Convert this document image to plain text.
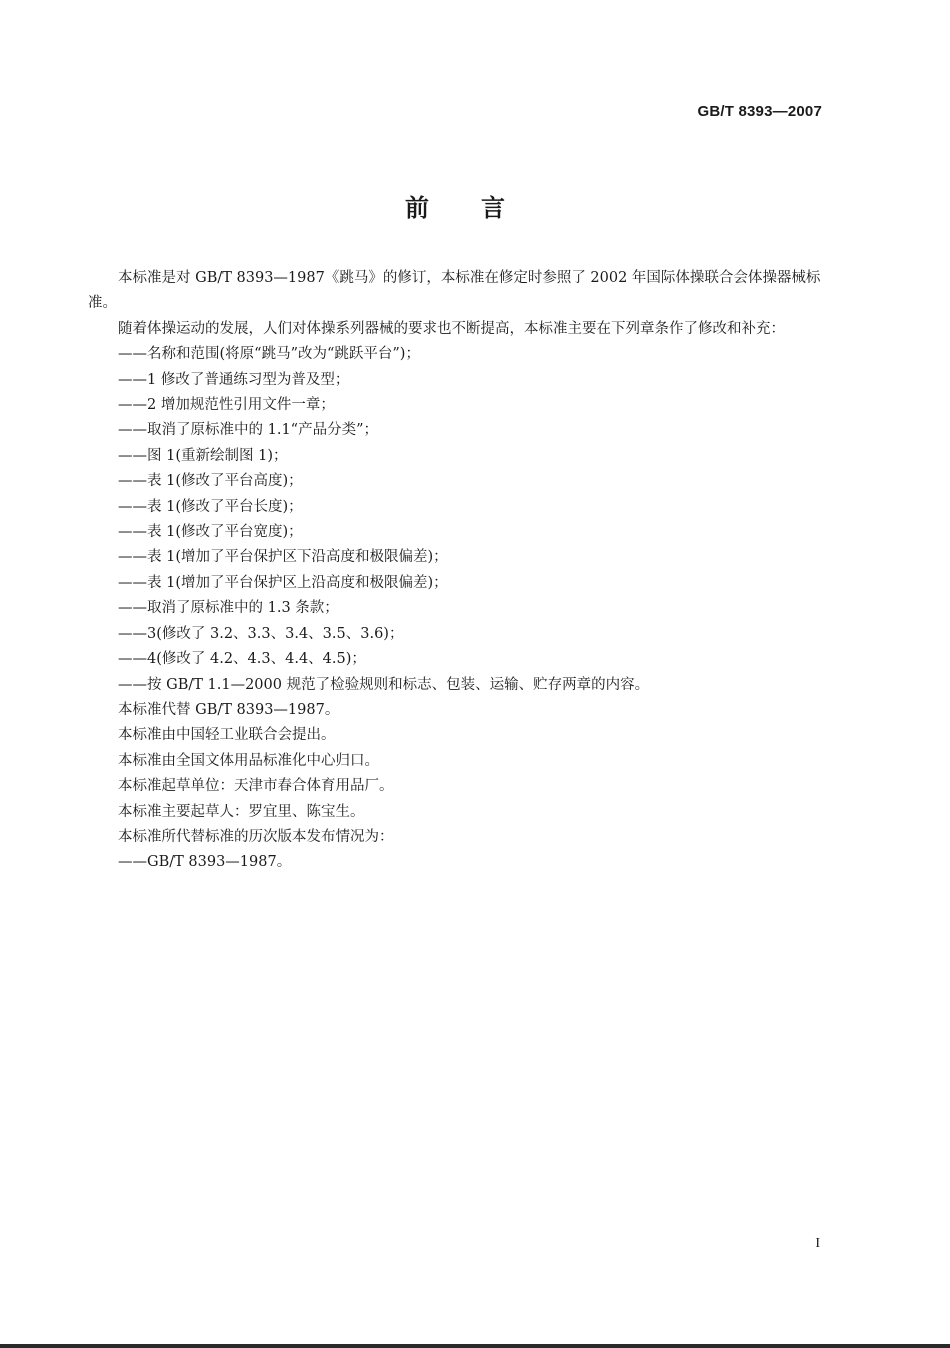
GB/T 8393—2007
前言

本标准是对 GB/T 8393—1987《跳马》的修订，本标准在修定时参照了 2002 年国际体操联合会体操器械标准。

随着体操运动的发展，人们对体操系列器械的要求也不断提高，本标准主要在下列章条作了修改和补充：

——名称和范围(将原“跳马”改为“跳跃平台”)；

——1 修改了普通练习型为普及型；

——2 增加规范性引用文件一章；

——取消了原标准中的 1.1“产品分类”；

——图 1(重新绘制图 1)；

——表 1(修改了平台高度)；

——表 1(修改了平台长度)；

——表 1(修改了平台宽度)；

——表 1(增加了平台保护区下沿高度和极限偏差)；

——表 1(增加了平台保护区上沿高度和极限偏差)；

——取消了原标准中的 1.3 条款；

——3(修改了 3.2、3.3、3.4、3.5、3.6)；

——4(修改了 4.2、4.3、4.4、4.5)；

——按 GB/T 1.1—2000 规范了检验规则和标志、包装、运输、贮存两章的内容。

本标准代替 GB/T 8393—1987。

本标准由中国轻工业联合会提出。

本标准由全国文体用品标准化中心归口。

本标准起草单位：天津市春合体育用品厂。

本标准主要起草人：罗宜里、陈宝生。

本标准所代替标准的历次版本发布情况为：

——GB/T 8393—1987。

I
